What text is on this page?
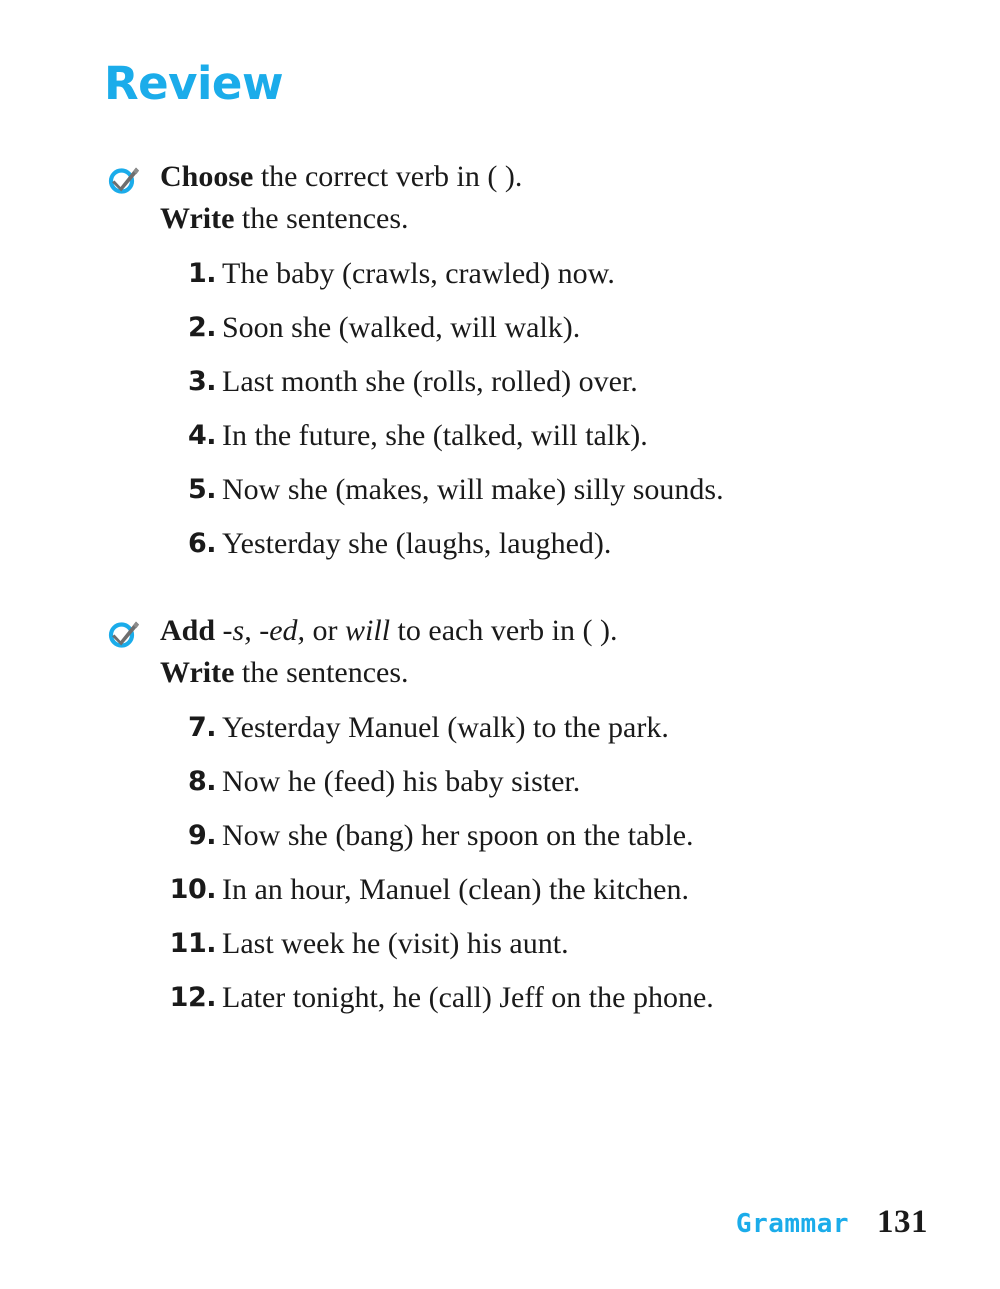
Review
Choose the correct verb in ( ).
Write the sentences.
1. The baby (crawls, crawled) now.
2. Soon she (walked, will walk).
3. Last month she (rolls, rolled) over.
4. In the future, she (talked, will talk).
5. Now she (makes, will make) silly sounds.
6. Yesterday she (laughs, laughed).
Add -s, -ed, or will to each verb in ( ).
Write the sentences.
7. Yesterday Manuel (walk) to the park.
8. Now he (feed) his baby sister.
9. Now she (bang) her spoon on the table.
10. In an hour, Manuel (clean) the kitchen.
11. Last week he (visit) his aunt.
12. Later tonight, he (call) Jeff on the phone.
Grammar 131
